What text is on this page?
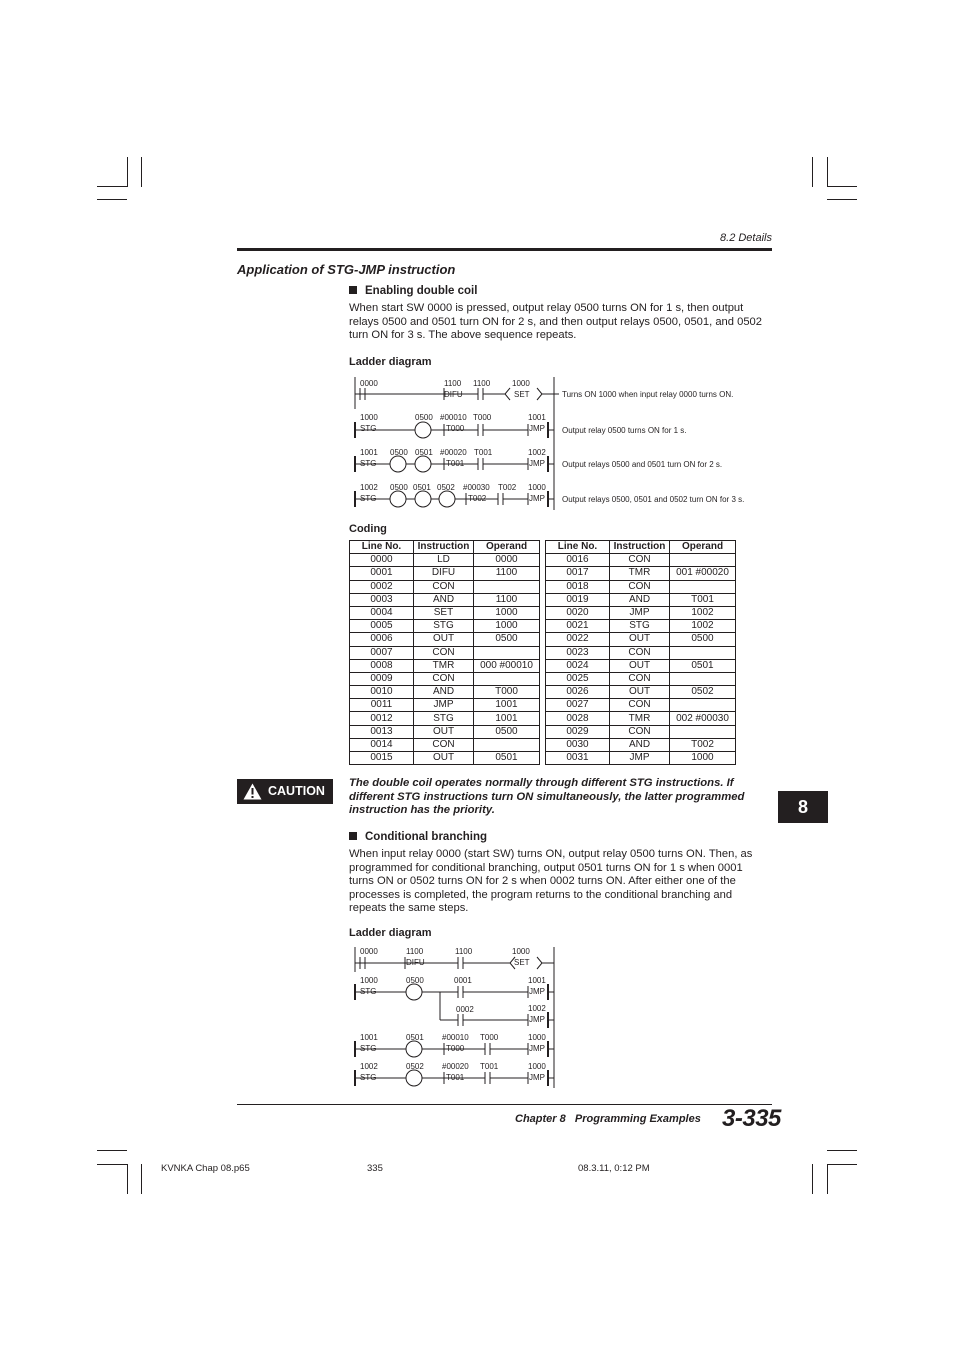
8.2 Details
Application of STG-JMP instruction
Enabling double coil
When start SW 0000 is pressed, output relay 0500 turns ON for 1 s, then output
relays 0500 and 0501 turn ON for 2 s, and then output relays 0500, 0501, and 0502
turn ON for 3 s. The above sequence repeats.
Ladder diagram
0000	1100
DIFU
1100	1000
SET	Turns ON 1000 when input relay 0000 turns ON.
1000
STG
0500 #00010
T000
T000	1001
JMP Output relay 0500 turns ON for 1 s.
1001
STG
0500 0501 #00020
T001
T001	1002
JMP Output relays 0500 and 0501 turn ON for 2 s.
1002
STG
0500 0501 0502 #00030
T002
T002 1000
JMP Output relays 0500, 0501 and 0502 turn ON for 3 s.
Coding
Line No.	Instruction	Operand		Line No.	Instruction	Operand
0000	LD	0000		0016	CON	
0001	DIFU	1100		0017	TMR	001 #00020
0002	CON			0018	CON	
0003	AND	1100		0019	AND	T001
0004	SET	1000		0020	JMP	1002
0005	STG	1000		0021	STG	1002
0006	OUT	0500		0022	OUT	0500
0007	CON			0023	CON	
0008	TMR	000 #00010		0024	OUT	0501
0009	CON			0025	CON	
0010	AND	T000		0026	OUT	0502
0011	JMP	1001		0027	CON	
0012	STG	1001		0028	TMR	002 #00030
0013	OUT	0500		0029	CON	
0014	CON			0030	AND	T002
0015	OUT	0501		0031	JMP	1000
CAUTION
The double coil operates normally through different STG instructions. If
different STG instructions turn ON simultaneously, the latter programmed
instruction has the priority.	8
Conditional branching
When input relay 0000 (start SW) turns ON, output relay 0500 turns ON. Then, as
programmed for conditional branching, output 0501 turns ON for 1 s when 0001
turns ON or 0502 turns ON for 2 s when 0002 turns ON. After either one of the
processes is completed, the program returns to the conditional branching and
repeats the same steps.
Ladder diagram
0000	1100
DIFU
1100	1000
SET
1000
STG
0500	0001	1001
JMP
0002	1002
JMP
1001
STG
0501 #00010
T000
T000	1000
JMP
1002
STG
0502 #00020
T001
T001	1000
JMP
Chapter 8   Programming Examples 3-335
KVNKA Chap 08.p65	335	08.3.11, 0:12 PM
